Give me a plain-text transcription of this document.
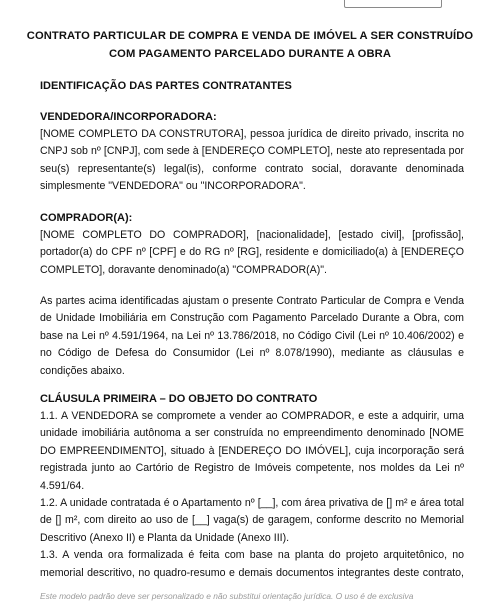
CONTRATO PARTICULAR DE COMPRA E VENDA DE IMÓVEL A SER CONSTRUÍDO
COM PAGAMENTO PARCELADO DURANTE A OBRA
IDENTIFICAÇÃO DAS PARTES CONTRATANTES
VENDEDORA/INCORPORADORA:
[NOME COMPLETO DA CONSTRUTORA], pessoa jurídica de direito privado, inscrita no
CNPJ sob nº [CNPJ], com sede à [ENDEREÇO COMPLETO], neste ato representada por
seu(s) representante(s) legal(is), conforme contrato social, doravante denominada
simplesmente "VENDEDORA" ou "INCORPORADORA".
COMPRADOR(A):
[NOME COMPLETO DO COMPRADOR], [nacionalidade], [estado civil], [profissão],
portador(a) do CPF nº [CPF] e do RG nº [RG], residente e domiciliado(a) à [ENDEREÇO
COMPLETO], doravante denominado(a) "COMPRADOR(A)".
As partes acima identificadas ajustam o presente Contrato Particular de Compra e Venda
de Unidade Imobiliária em Construção com Pagamento Parcelado Durante a Obra, com
base na Lei nº 4.591/1964, na Lei nº 13.786/2018, no Código Civil (Lei nº 10.406/2002) e
no Código de Defesa do Consumidor (Lei nº 8.078/1990), mediante as cláusulas e
condições abaixo.
CLÁUSULA PRIMEIRA – DO OBJETO DO CONTRATO
1.1. A VENDEDORA se compromete a vender ao COMPRADOR, e este a adquirir, uma
unidade imobiliária autônoma a ser construída no empreendimento denominado [NOME
DO EMPREENDIMENTO], situado à [ENDEREÇO DO IMÓVEL], cuja incorporação será
registrada junto ao Cartório de Registro de Imóveis competente, nos moldes da Lei nº
4.591/64.
1.2. A unidade contratada é o Apartamento nº [__], com área privativa de [] m² e área total
de [] m², com direito ao uso de [__] vaga(s) de garagem, conforme descrito no Memorial
Descritivo (Anexo II) e Planta da Unidade (Anexo III).
1.3. A venda ora formalizada é feita com base na planta do projeto arquitetônico, no
memorial descritivo, no quadro-resumo e demais documentos integrantes deste contrato,
Este modelo padrão deve ser personalizado e não substitui orientação jurídica. O uso é de exclusiva
